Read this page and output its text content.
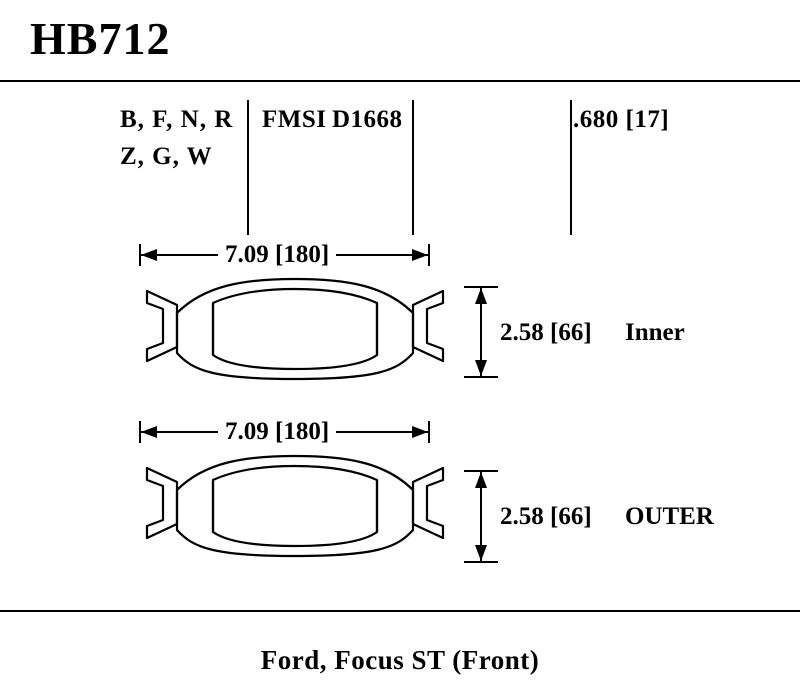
HB712
B, F, N, R
Z, G, W
FMSI D1668	.680 [17]
7.09 [180]
2.58 [66] Inner
7.09 [180]
2.58 [66] OUTER
Ford, Focus ST (Front)
